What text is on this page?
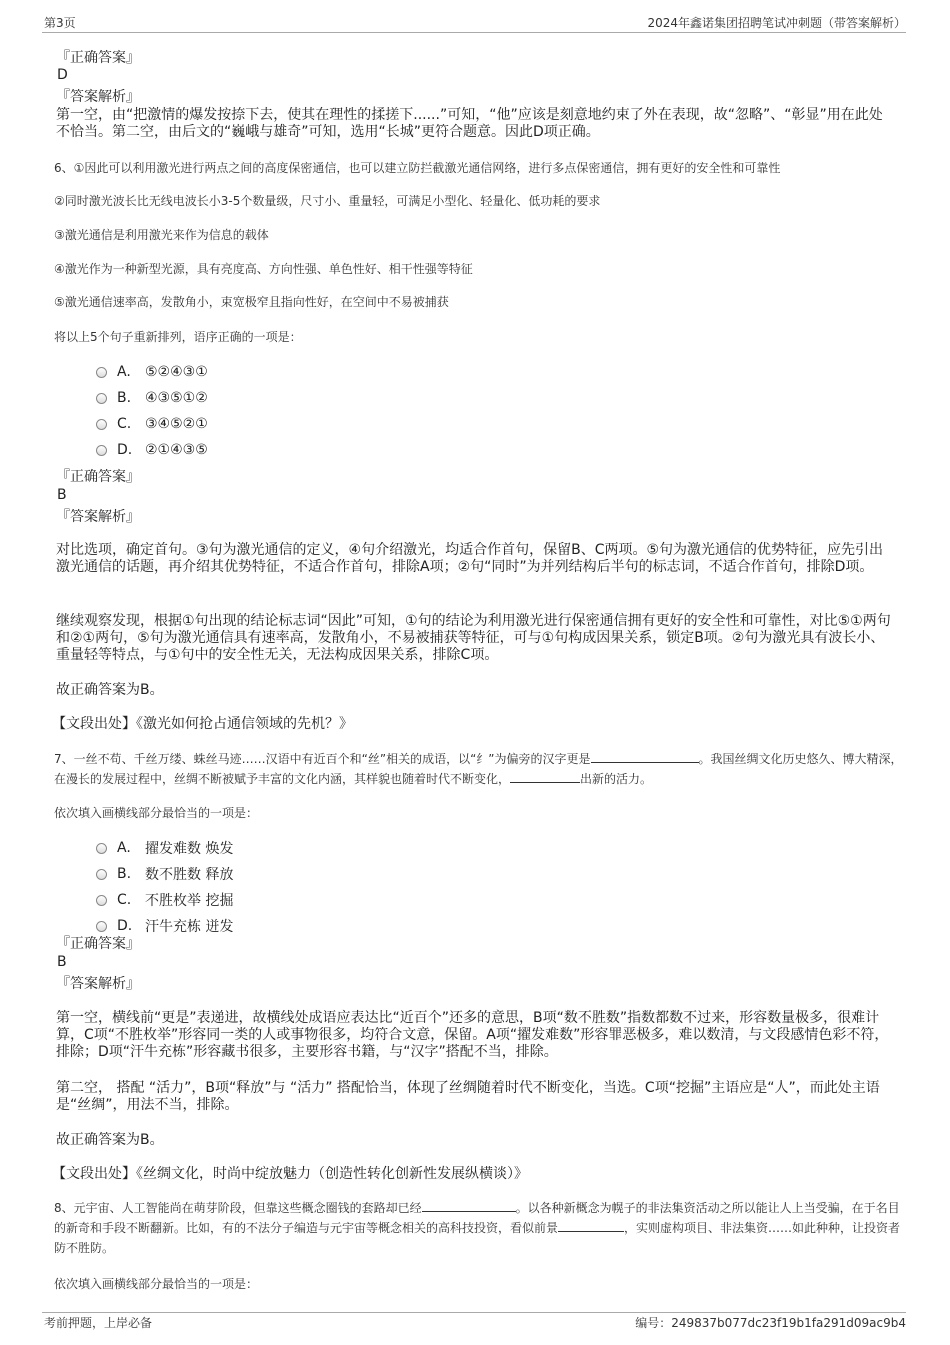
第3页	2024年鑫诺集团招聘笔试冲刺题（带答案解析）
『正确答案』
D
『答案解析』
第一空，由“把激情的爆发按捺下去，使其在理性的揉搓下......”可知，“他”应该是刻意地约束了外在表现，故“忽略”、“彰显”用在此处不恰当。第二空，由后文的“巍峨与雄奇”可知，选用“长城”更符合题意。因此D项正确。
6、①因此可以利用激光进行两点之间的高度保密通信，也可以建立防拦截激光通信网络，进行多点保密通信，拥有更好的安全性和可靠性
②同时激光波长比无线电波长小3-5个数量级，尺寸小、重量轻，可满足小型化、轻量化、低功耗的要求
③激光通信是利用激光来作为信息的载体
④激光作为一种新型光源，具有亮度高、方向性强、单色性好、相干性强等特征
⑤激光通信速率高，发散角小，束宽极窄且指向性好，在空间中不易被捕获
将以上5个句子重新排列，语序正确的一项是：
A.	⑤②④③①
B. ④③⑤①②
C. ③④⑤②①
D. ②①④③⑤
『正确答案』
B
『答案解析』
对比选项，确定首句。③句为激光通信的定义，④句介绍激光，均适合作首句，保留B、C两项。⑤句为激光通信的优势特征，应先引出激光通信的话题，再介绍其优势特征，不适合作首句，排除A项；②句“同时”为并列结构后半句的标志词，不适合作首句，排除D项。
继续观察发现，根据①句出现的结论标志词“因此”可知，①句的结论为利用激光进行保密通信拥有更好的安全性和可靠性，对比⑤①两句和②①两句，⑤句为激光通信具有速率高，发散角小，不易被捕获等特征，可与①句构成因果关系，锁定B项。②句为激光具有波长小、重量轻等特点，与①句中的安全性无关，无法构成因果关系，排除C项。
故正确答案为B。
【文段出处】《激光如何抢占通信领域的先机？》
7、一丝不苟、千丝万缕、蛛丝马迹……汉语中有近百个和“丝”相关的成语，以“纟”为偏旁的汉字更是	。我国丝绸文化历史悠久、博大精深，在漫长的发展过程中，丝绸不断被赋予丰富的文化内涵，其样貌也随着时代不断变化，	出新的活力。
依次填入画横线部分最恰当的一项是：
A.	擢发难数 焕发
B. 数不胜数 释放
C. 不胜枚举 挖掘
D. 汗牛充栋 迸发
『正确答案』
B
『答案解析』
第一空，横线前“更是”表递进，故横线处成语应表达比“近百个”还多的意思，B项“数不胜数”指数都数不过来，形容数量极多，很难计算，C项“不胜枚举”形容同一类的人或事物很多，均符合文意，保留。A项“擢发难数”形容罪恶极多，难以数清，与文段感情色彩不符，排除；D项“汗牛充栋”形容藏书很多，主要形容书籍，与“汉字”搭配不当，排除。
第二空， 搭配 “活力”，B项“释放”与 “活力” 搭配恰当，体现了丝绸随着时代不断变化，当选。C项“挖掘”主语应是“人”，而此处主语是“丝绸”，用法不当，排除。
故正确答案为B。
【文段出处】《丝绸文化，时尚中绽放魅力（创造性转化创新性发展纵横谈）》
8、元宇宙、人工智能尚在萌芽阶段，但靠这些概念圈钱的套路却已经	。以各种新概念为幌子的非法集资活动之所以能让人上当受骗，在于名目的新奇和手段不断翻新。比如，有的不法分子编造与元宇宙等概念相关的高科技投资，看似前景	，实则虚构项目、非法集资……如此种种，让投资者防不胜防。
依次填入画横线部分最恰当的一项是：
考前押题，上岸必备	编号：249837b077dc23f19b1fa291d09ac9b4
